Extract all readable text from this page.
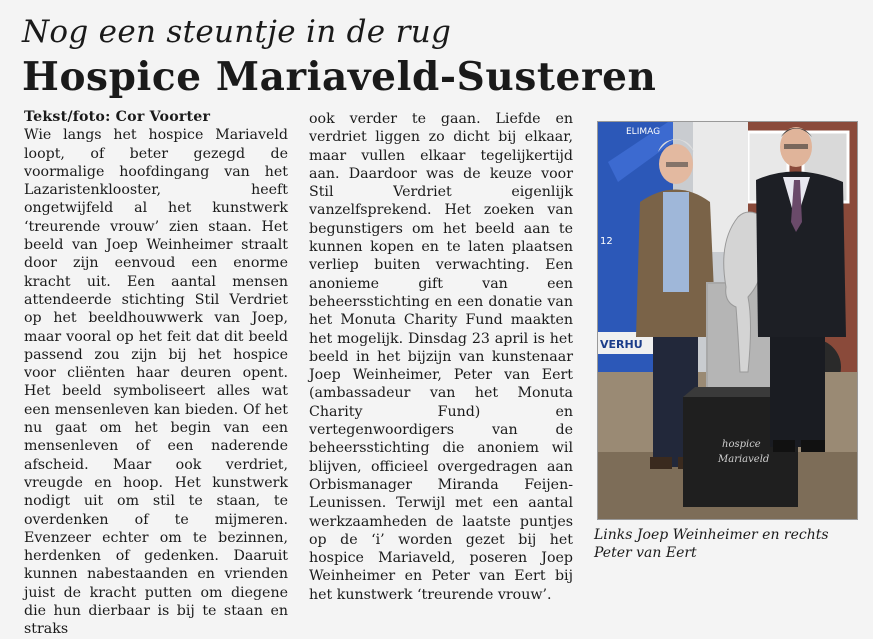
Nog een steuntje in de rug
Hospice Mariaveld-Susteren
Tekst/foto: Cor Voorter
Wie langs het hospice Mariaveld loopt, of beter gezegd de voormalige hoofdingang van het Lazaristenklooster, heeft ongetwijfeld al het kunstwerk ‘treurende vrouw’ zien staan. Het beeld van Joep Weinheimer straalt door zijn eenvoud een enorme kracht uit. Een aantal mensen attendeerde stichting Stil Verdriet op het beeldhouwwerk van Joep, maar vooral op het feit dat dit beeld passend zou zijn bij het hospice voor cliënten haar deuren opent. Het beeld symboliseert alles wat een mensenleven kan bieden. Of het nu gaat om het begin van een mensenleven of een naderende afscheid. Maar ook verdriet, vreugde en hoop. Het kunstwerk nodigt uit om stil te staan, te overdenken of te mijmeren. Evenzeer echter om te bezinnen, herdenken of gedenken. Daaruit kunnen nabestaanden en vrienden juist de kracht putten om diegene die hun dierbaar is bij te staan en straks
ook verder te gaan. Liefde en verdriet liggen zo dicht bij elkaar, maar vullen elkaar tegelijkertijd aan. Daardoor was de keuze voor Stil Verdriet eigenlijk vanzelfsprekend. Het zoeken van begunstigers om het beeld aan te kunnen kopen en te laten plaatsen verliep buiten verwachting. Een anonieme gift van een beheersstichting en een donatie van het Monuta Charity Fund maakten het mogelijk. Dinsdag 23 april is het beeld in het bijzijn van kunstenaar Joep Weinheimer, Peter van Eert (ambassadeur van het Monuta Charity Fund) en vertegenwoordigers van de beheersstichting die anoniem wil blijven, officieel overgedragen aan Orbismanager Miranda Feijen-Leunissen. Terwijl met een aantal werkzaamheden de laatste puntjes op de ‘i’ worden gezet bij het hospice Mariaveld, poseren Joep Weinheimer en Peter van Eert bij het kunstwerk ‘treurende vrouw’.
ELIMAG
12
VERHU
hospice
Mariaveld
Links Joep Weinheimer en rechts
Peter van Eert
